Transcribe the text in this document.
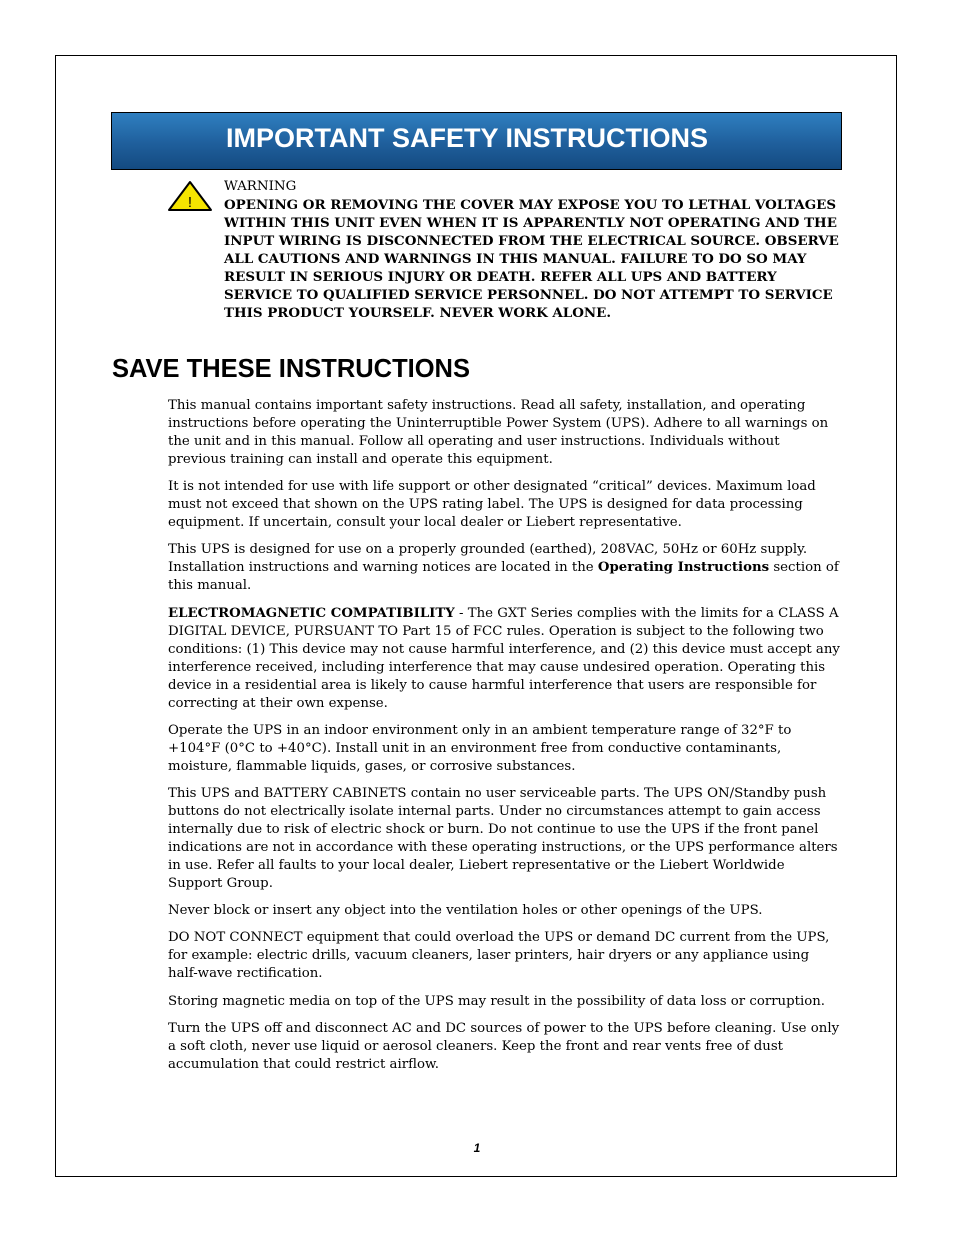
IMPORTANT SAFETY INSTRUCTIONS
!
WARNING
OPENING OR REMOVING THE COVER MAY EXPOSE YOU TO LETHAL VOLTAGES WITHIN THIS UNIT EVEN WHEN IT IS APPARENTLY NOT OPERATING AND THE INPUT WIRING IS DISCONNECTED FROM THE ELECTRICAL SOURCE. OBSERVE ALL CAUTIONS AND WARNINGS IN THIS MANUAL. FAILURE TO DO SO MAY RESULT IN SERIOUS INJURY OR DEATH. REFER ALL UPS AND BATTERY SERVICE TO QUALIFIED SERVICE PERSONNEL. DO NOT ATTEMPT TO SERVICE THIS PRODUCT YOURSELF. NEVER WORK ALONE.
SAVE THESE INSTRUCTIONS

This manual contains important safety instructions. Read all safety, installation, and operating instructions before operating the Uninterruptible Power System (UPS). Adhere to all warnings on the unit and in this manual. Follow all operating and user instructions. Individuals without previous training can install and operate this equipment.

It is not intended for use with life support or other designated “critical” devices. Maximum load must not exceed that shown on the UPS rating label. The UPS is designed for data processing equipment. If uncertain, consult your local dealer or Liebert representative.

This UPS is designed for use on a properly grounded (earthed), 208VAC, 50Hz or 60Hz supply. Installation instructions and warning notices are located in the Operating Instructions section of this manual.

ELECTROMAGNETIC COMPATIBILITY - The GXT Series complies with the limits for a CLASS A DIGITAL DEVICE, PURSUANT TO Part 15 of FCC rules. Operation is subject to the following two conditions: (1) This device may not cause harmful interference, and (2) this device must accept any interference received, including interference that may cause undesired operation. Operating this device in a residential area is likely to cause harmful interference that users are responsible for correcting at their own expense.

Operate the UPS in an indoor environment only in an ambient temperature range of 32°F to +104°F (0°C to +40°C). Install unit in an environment free from conductive contaminants, moisture, flammable liquids, gases, or corrosive substances.

This UPS and BATTERY CABINETS contain no user serviceable parts. The UPS ON/Standby push buttons do not electrically isolate internal parts. Under no circumstances attempt to gain access internally due to risk of electric shock or burn. Do not continue to use the UPS if the front panel indications are not in accordance with these operating instructions, or the UPS performance alters in use. Refer all faults to your local dealer, Liebert representative or the Liebert Worldwide Support Group.

Never block or insert any object into the ventilation holes or other openings of the UPS.

DO NOT CONNECT equipment that could overload the UPS or demand DC current from the UPS, for example: electric drills, vacuum cleaners, laser printers, hair dryers or any appliance using half-wave rectification.

Storing magnetic media on top of the UPS may result in the possibility of data loss or corruption.

Turn the UPS off and disconnect AC and DC sources of power to the UPS before cleaning. Use only a soft cloth, never use liquid or aerosol cleaners. Keep the front and rear vents free of dust accumulation that could restrict airflow.

1
